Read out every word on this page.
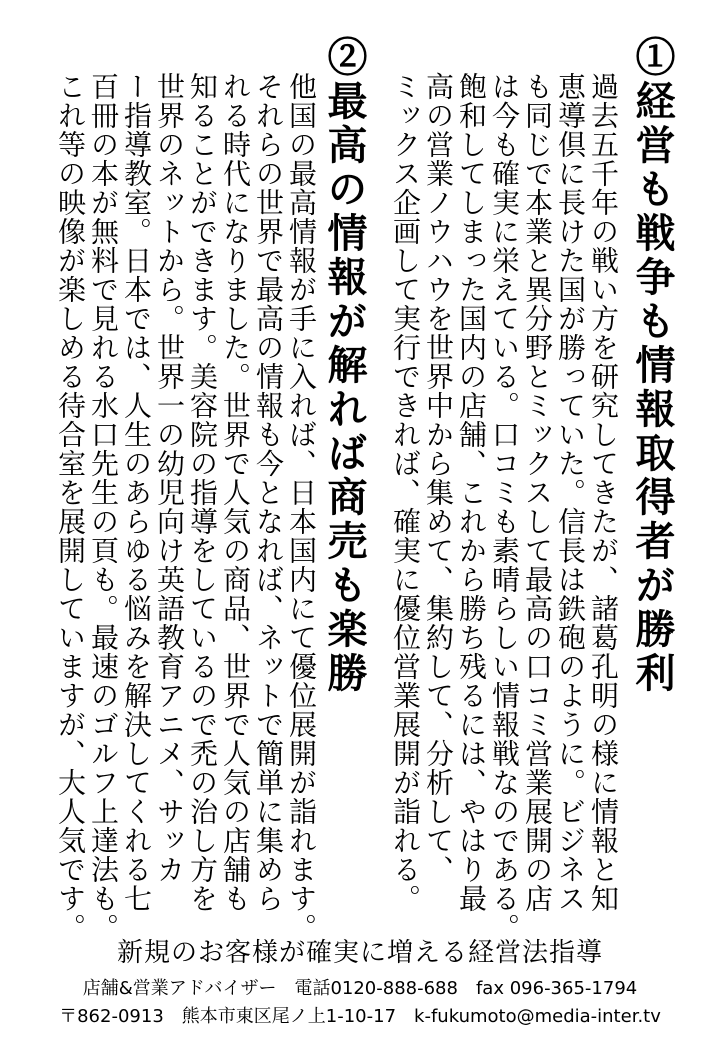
①経営も戦争も情報取得者が勝利
過去五千年の戦い方を研究してきたが、諸葛孔明の様に情報と知
恵導倶に長けた国が勝っていた。信長は鉄砲のように。ビジネス
も同じで本業と異分野とミックスして最高の口コミ営業展開の店
は今も確実に栄えている。口コミも素晴らしい情報戦なのである。
飽和してしまった国内の店舗、これから勝ち残るには、やはり最
高の営業ノウハウを世界中から集めて、集約して、分析して、
ミックス企画して実行できれば、確実に優位営業展開が詣れる。
②最高の情報が解れば商売も楽勝
他国の最高情報が手に入れば、日本国内にて優位展開が詣れます。
それらの世界で最高の情報も今となれば、ネットで簡単に集めら
れる時代になりました。世界で人気の商品、世界で人気の店舗も
知ることができます。美容院の指導をしているので禿の治し方を
世界のネットから。世界一の幼児向け英語教育アニメ、サッカ
ー指導教室。日本では、人生のあらゆる悩みを解決してくれる七
百冊の本が無料で見れる水口先生の頁も。最速のゴルフ上達法も。
これ等の映像が楽しめる待合室を展開していますが、大人気です。
新規のお客様が確実に増える経営法指導
店舗&営業アドバイザー 電話0120-888-688 fax 096-365-1794
〒862-0913　熊本市東区尾ノ上1-10-17 k-fukumoto@media-inter.tv
